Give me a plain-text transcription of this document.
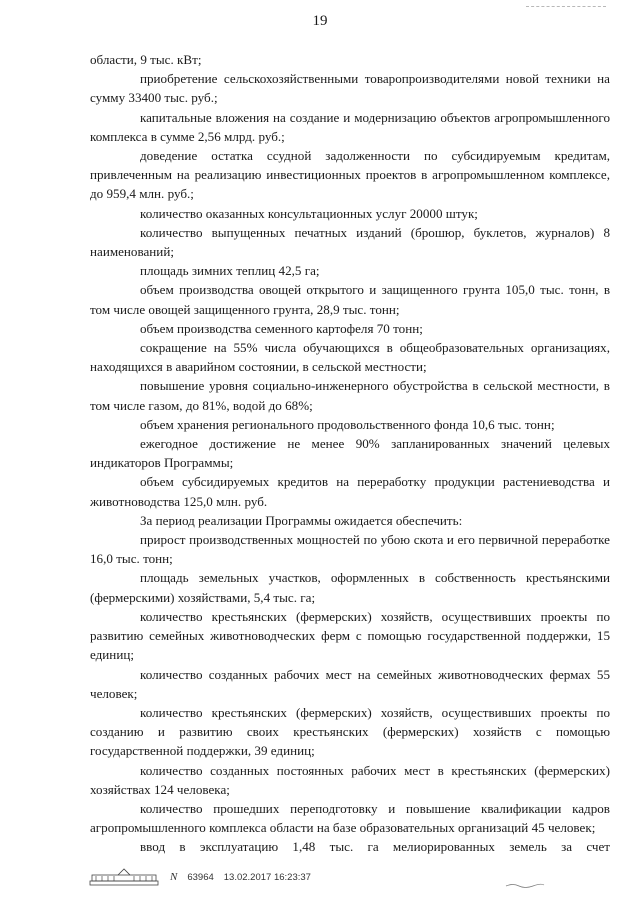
19

области, 9 тыс. кВт;

приобретение сельскохозяйственными товаропроизводителями новой техники на сумму 33400 тыс. руб.;

капитальные вложения на создание и модернизацию объектов агропромышленного комплекса в сумме 2,56 млрд. руб.;

доведение остатка ссудной задолженности по субсидируемым кредитам, привлеченным на реализацию инвестиционных проектов в агропромышленном комплексе, до 959,4 млн. руб.;

количество оказанных консультационных услуг 20000 штук;

количество выпущенных печатных изданий (брошюр, буклетов, журналов) 8 наименований;

площадь зимних теплиц 42,5 га;

объем производства овощей открытого и защищенного грунта 105,0 тыс. тонн, в том числе овощей защищенного грунта, 28,9 тыс. тонн;

объем производства семенного картофеля 70 тонн;

сокращение на 55% числа обучающихся в общеобразовательных организациях, находящихся в аварийном состоянии, в сельской местности;

повышение уровня социально-инженерного обустройства в сельской местности, в том числе газом, до 81%, водой до 68%;

объем хранения регионального продовольственного фонда 10,6 тыс. тонн;

ежегодное достижение не менее 90% запланированных значений целевых индикаторов Программы;

объем субсидируемых кредитов на переработку продукции растениеводства и животноводства 125,0 млн. руб.

За период реализации Программы ожидается обеспечить:

прирост производственных мощностей по убою скота и его первичной переработке 16,0 тыс. тонн;

площадь земельных участков, оформленных в собственность крестьянскими (фермерскими) хозяйствами, 5,4 тыс. га;

количество крестьянских (фермерских) хозяйств, осуществивших проекты по развитию семейных животноводческих ферм с помощью государственной поддержки, 15 единиц;

количество созданных рабочих мест на семейных животноводческих фермах 55 человек;

количество крестьянских (фермерских) хозяйств, осуществивших проекты по созданию и развитию своих крестьянских (фермерских) хозяйств с помощью государственной поддержки, 39 единиц;

количество созданных постоянных рабочих мест в крестьянских (фермерских) хозяйствах 124 человека;

количество прошедших переподготовку и повышение квалификации кадров агропромышленного комплекса области на базе образовательных организаций 45 человек;

ввод в эксплуатацию 1,48 тыс. га мелиорированных земель за счет

N 63964 13.02.2017 16:23:37
